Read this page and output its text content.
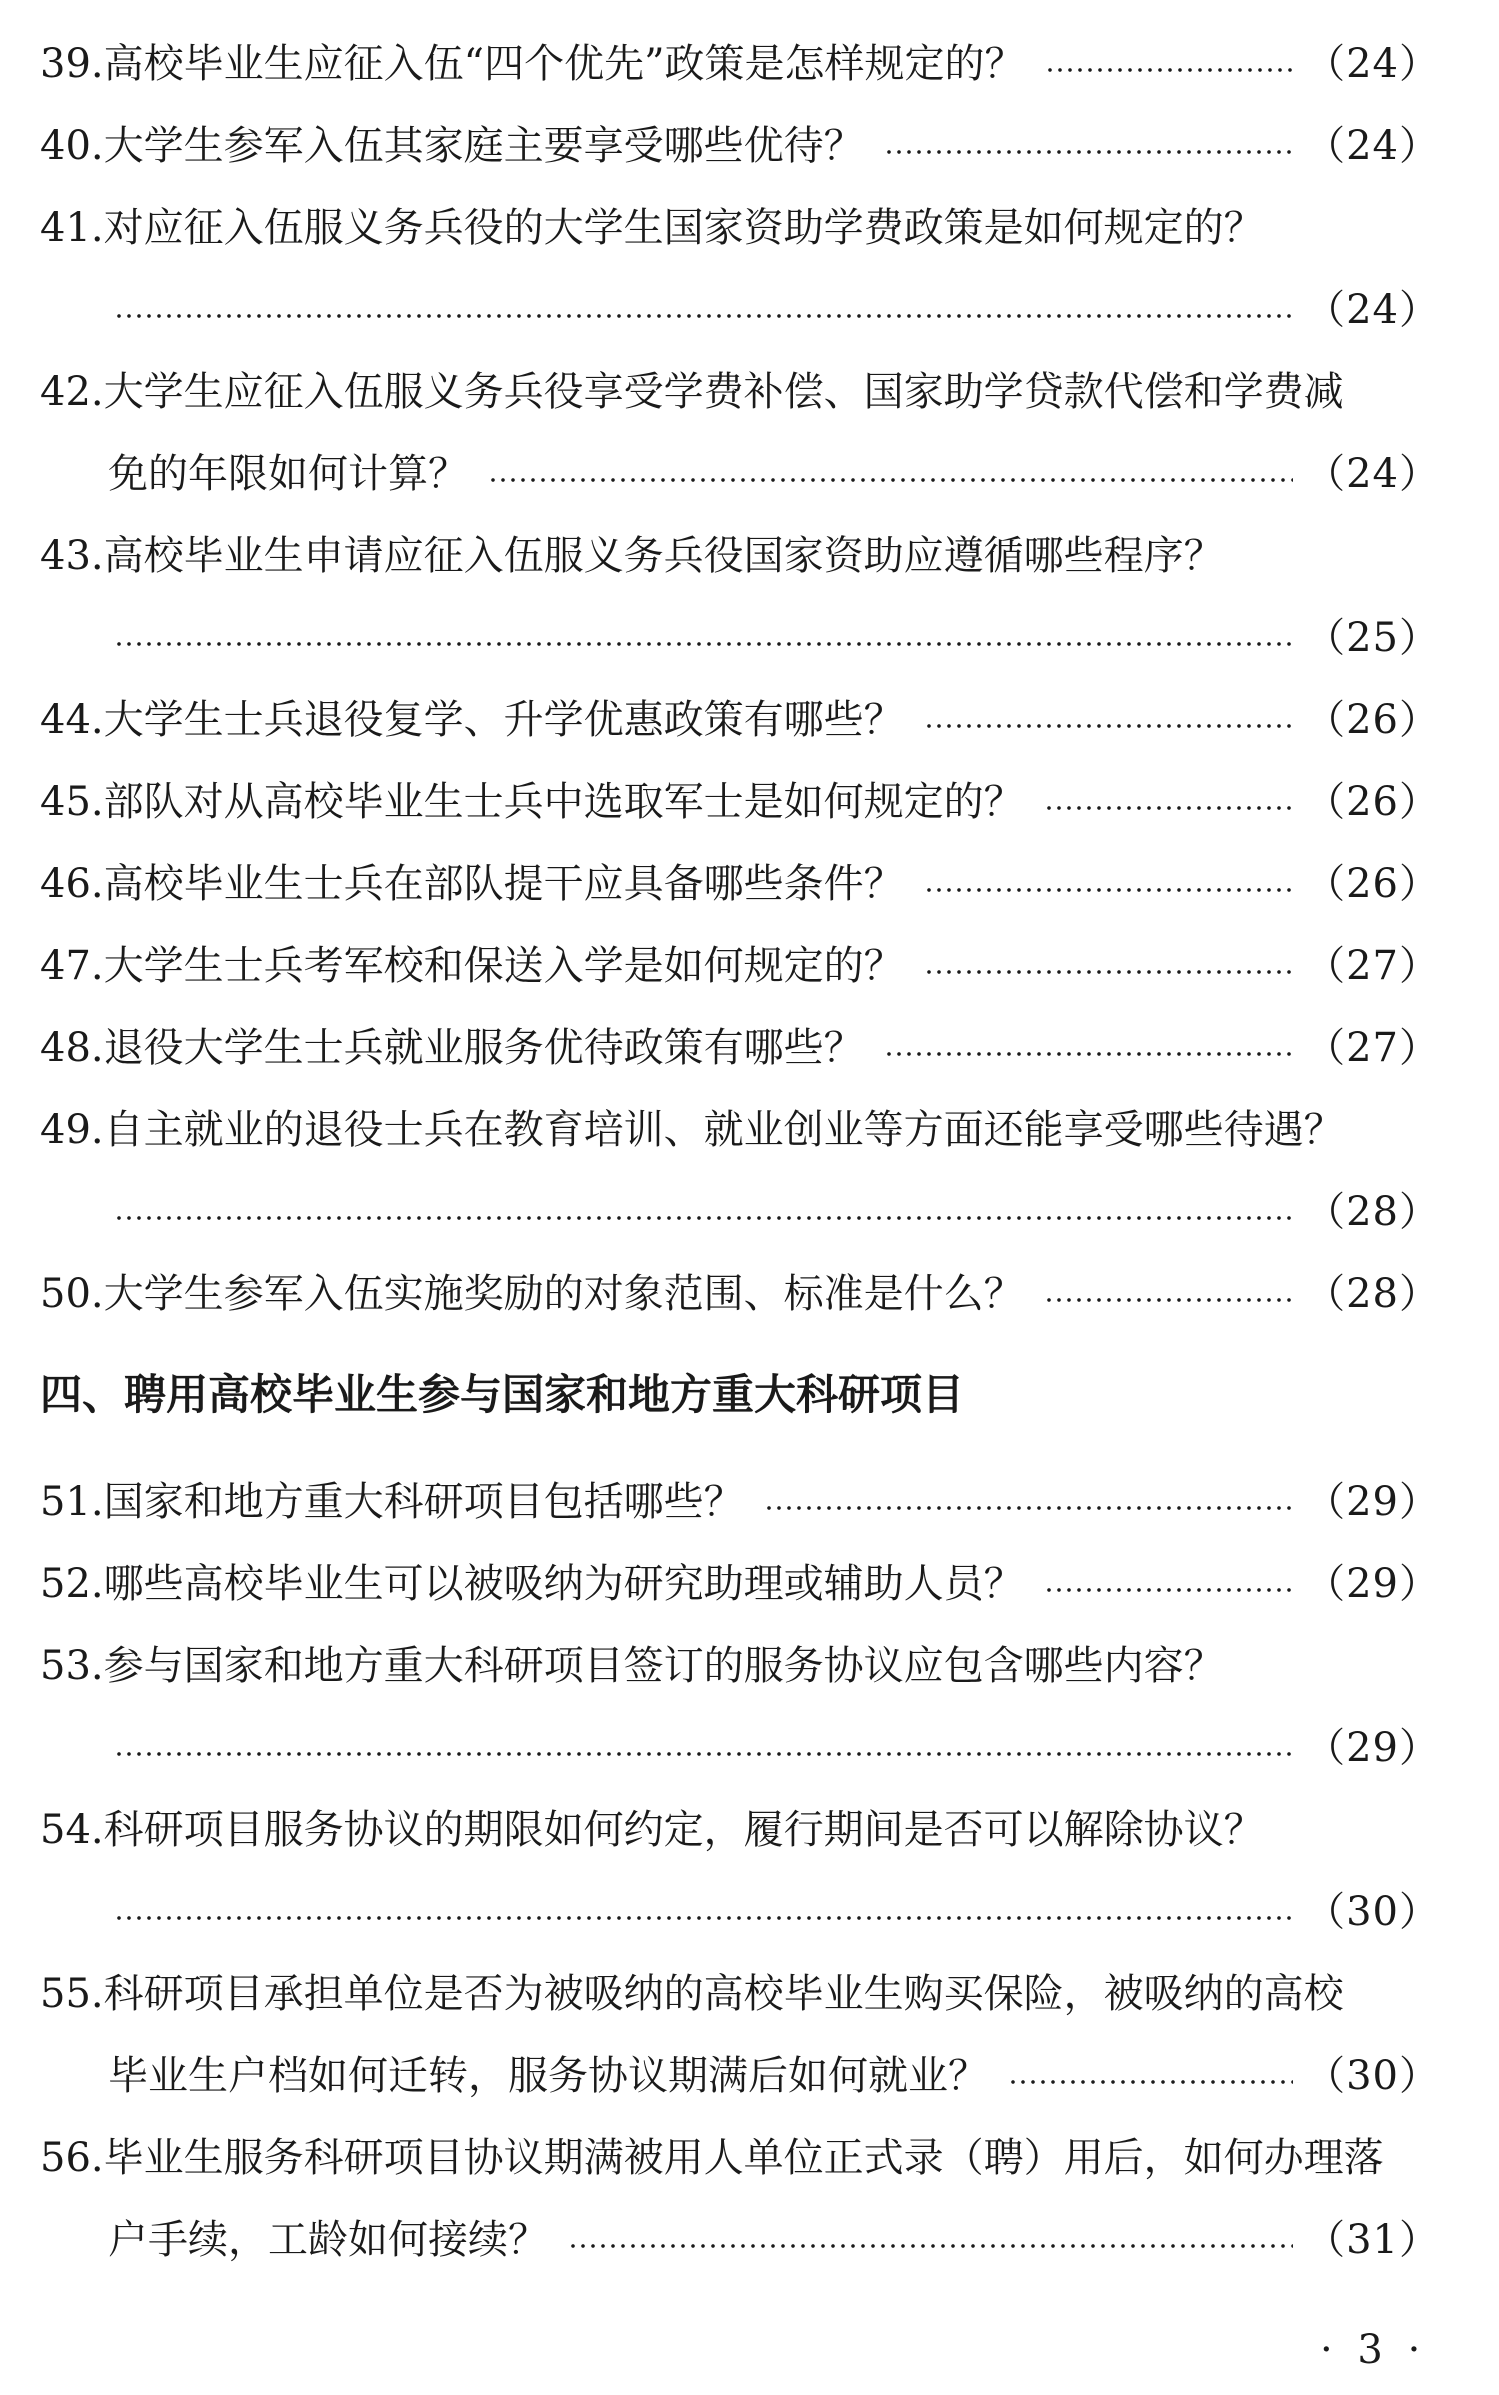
39. 高校毕业生应征入伍“四个优先”政策是怎样规定的？	（24）
40. 大学生参军入伍其家庭主要享受哪些优待？	（24）
41. 对应征入伍服义务兵役的大学生国家资助学费政策是如何规定的？
（24）
42. 大学生应征入伍服义务兵役享受学费补偿、国家助学贷款代偿和学费减
免的年限如何计算？	（24）
43. 高校毕业生申请应征入伍服义务兵役国家资助应遵循哪些程序？
（25）
44. 大学生士兵退役复学、升学优惠政策有哪些？	（26）
45. 部队对从高校毕业生士兵中选取军士是如何规定的？	（26）
46. 高校毕业生士兵在部队提干应具备哪些条件？	（26）
47. 大学生士兵考军校和保送入学是如何规定的？	（27）
48. 退役大学生士兵就业服务优待政策有哪些？	（27）
49. 自主就业的退役士兵在教育培训、就业创业等方面还能享受哪些待遇？
（28）
50. 大学生参军入伍实施奖励的对象范围、标准是什么？	（28）
四、聘用高校毕业生参与国家和地方重大科研项目
51. 国家和地方重大科研项目包括哪些？	（29）
52. 哪些高校毕业生可以被吸纳为研究助理或辅助人员？	（29）
53. 参与国家和地方重大科研项目签订的服务协议应包含哪些内容？
（29）
54. 科研项目服务协议的期限如何约定，履行期间是否可以解除协议？
（30）
55. 科研项目承担单位是否为被吸纳的高校毕业生购买保险，被吸纳的高校
毕业生户档如何迁转，服务协议期满后如何就业？	（30）
56. 毕业生服务科研项目协议期满被用人单位正式录（聘）用后，如何办理落
户手续，工龄如何接续？	（31）
· 3 ·
